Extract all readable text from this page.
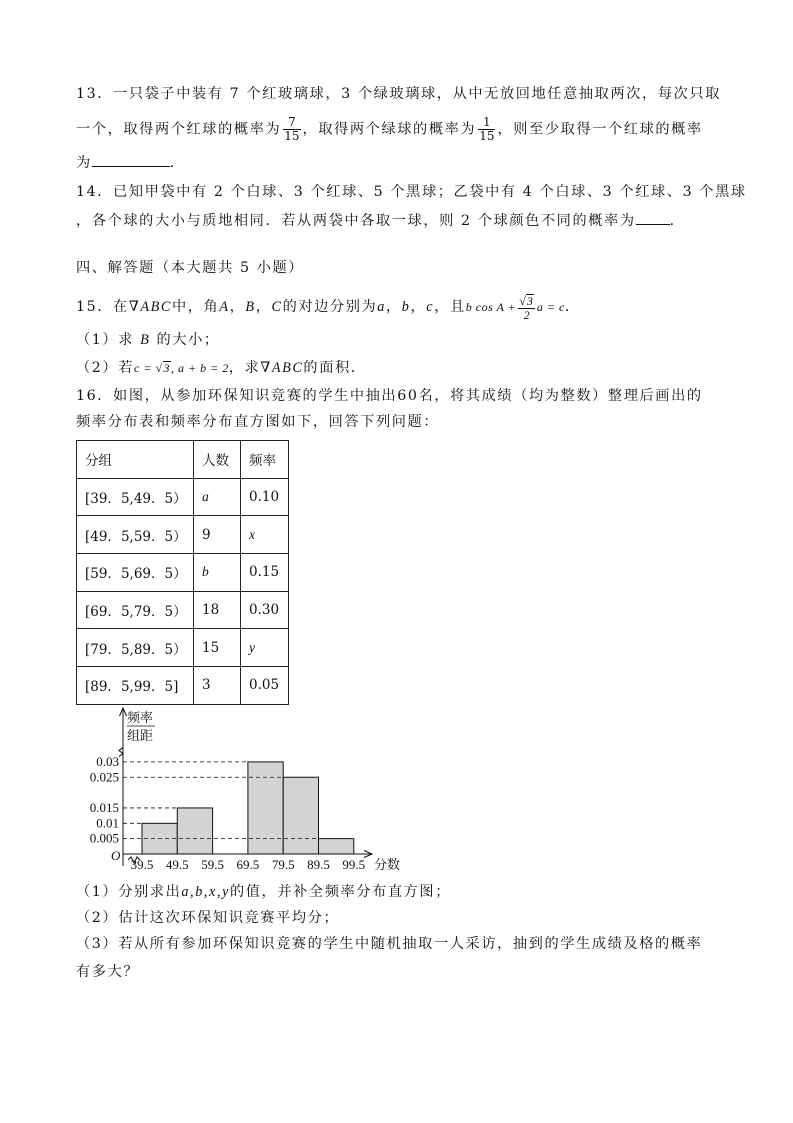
13．一只袋子中装有 7 个红玻璃球，3 个绿玻璃球，从中无放回地任意抽取两次，每次只取
一个，取得两个红球的概率为 $\frac{7}{15}$ ，取得两个绿球的概率为 $\frac{1}{15}$ ，则至少取得一个红球的概率
为	.
14．已知甲袋中有 2 个白球、3 个红球、5 个黑球；乙袋中有 4 个白球、3 个红球、3 个黑球
，各个球的大小与质地相同．若从两袋中各取一球，则 2 个球颜色不同的概率为 .
四、解答题（本大题共 5 小题）
15．在∇ABC中，角A，B，C的对边分别为a，b，c，且b $\cos A + \frac{√3}{2}$ a = c．
（1）求 B 的大小；
（2）若c = √3, a + b = 2，求∇ABC的面积．
16．如图，从参加环保知识竞赛的学生中抽出60名，将其成绩（均为整数）整理后画出的
频率分布表和频率分布直方图如下，回答下列问题：
分组	人数	频率
[39．5,49．5）	a	0.10
[49．5,59．5）	9	x
[59．5,69．5）	b	0.15
[69．5,79．5）	18	0.30
[79．5,89．5）	15	y
[89．5,99．5]	3	0.05
频率
组距
0.005
0.01
0.015
0.025
0.03
39.5 49.5 59.5 69.5 79.5 89.5 99.5
O
分数
（1）分别求出a,b,x,y的值，并补全频率分布直方图；
（2）估计这次环保知识竞赛平均分；
（3）若从所有参加环保知识竞赛的学生中随机抽取一人采访，抽到的学生成绩及格的概率
有多大？
